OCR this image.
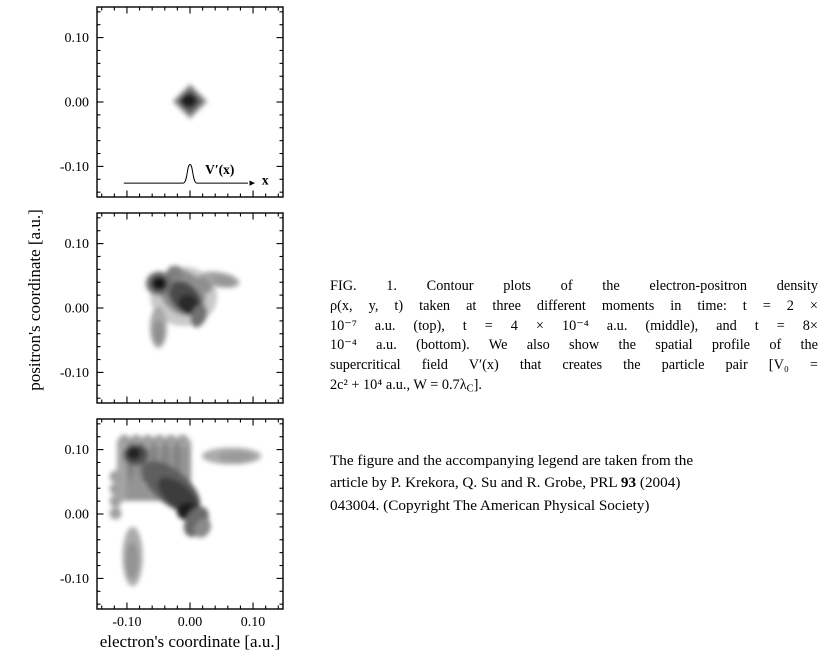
0.10
0.00
-0.10	V′(x)
x
0.10
0.00
-0.10
0.10
0.00
-0.10
-0.10	0.00	0.10
electron's coordinate [a.u.]
positron's coordinate [a.u.]	FIG. 1. Contour plots of the electron-positron density
ρ(x, y, t) taken at three different moments in time: t = 2 ×
10⁻⁷ a.u. (top), t = 4 × 10⁻⁴ a.u. (middle), and t = 8×
10⁻⁴ a.u. (bottom). We also show the spatial profile of the
supercritical field V′(x) that creates the particle pair [V₀ =
2c² + 10⁴ a.u., W = 0.7λC].
The figure and the accompanying legend are taken from the
article by P. Krekora, Q. Su and R. Grobe, PRL 93 (2004)
043004. (Copyright The American Physical Society)
